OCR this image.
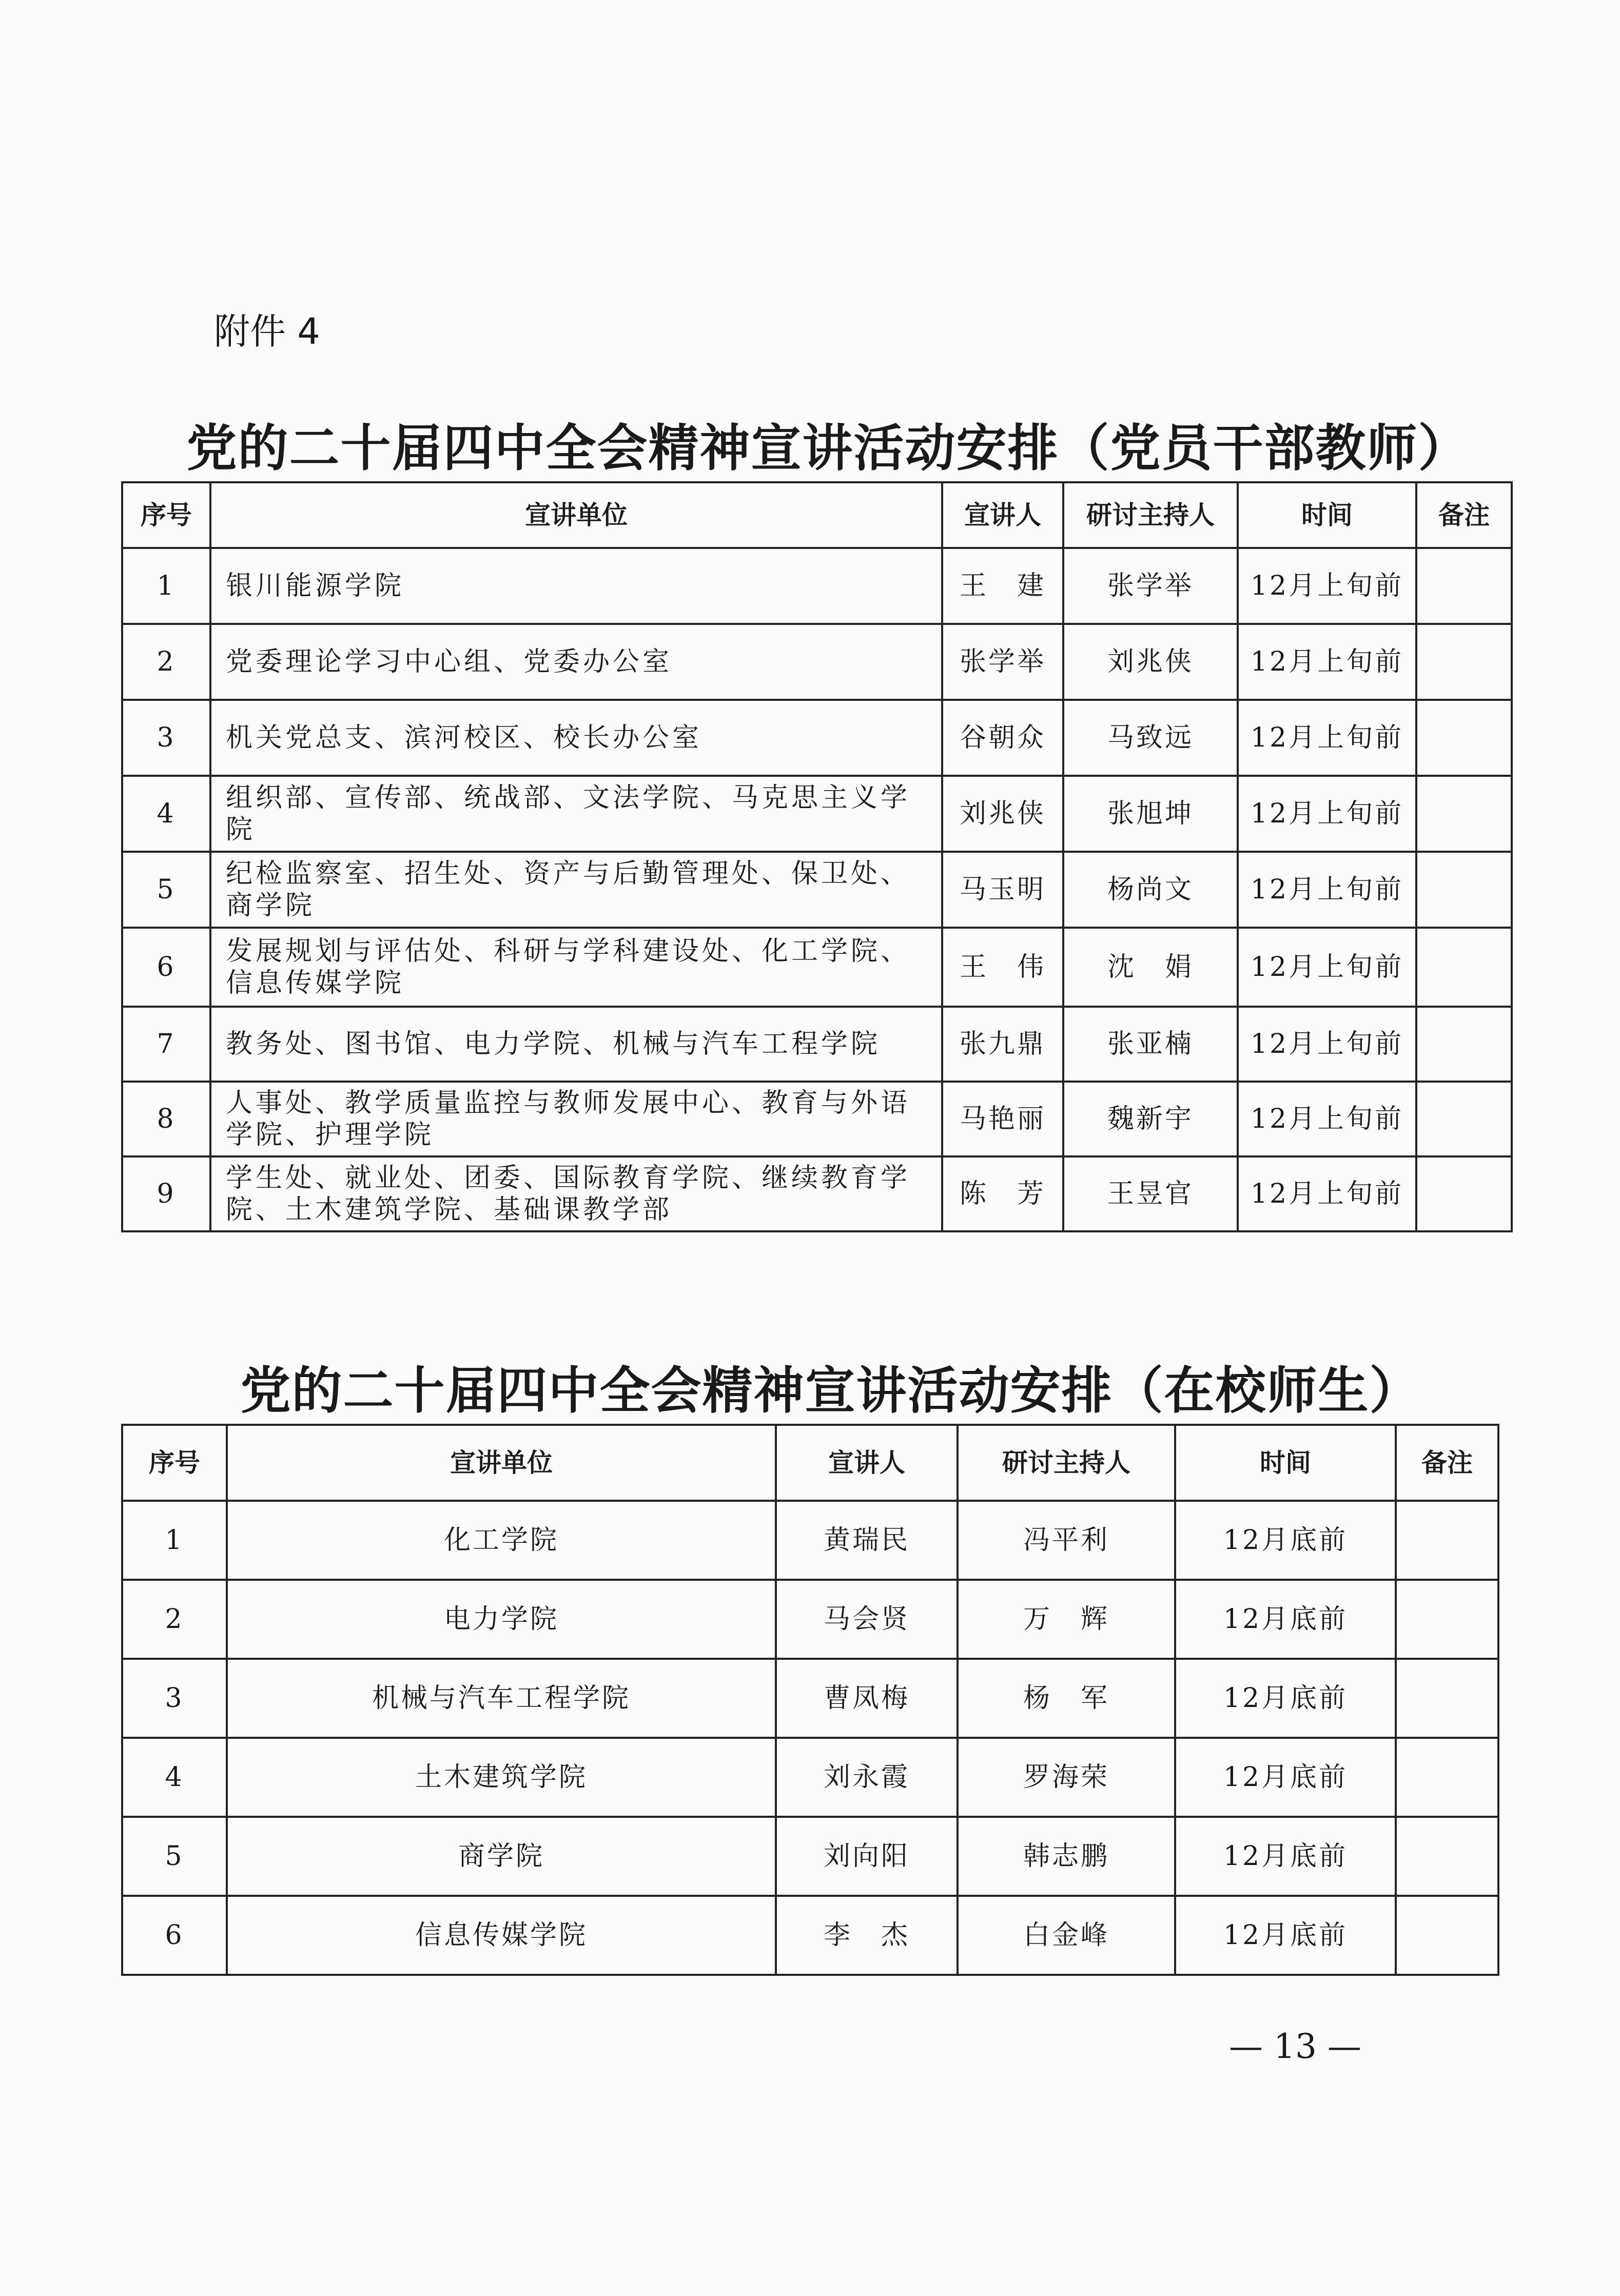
附件 4
党的二十届四中全会精神宣讲活动安排（党员干部教师）
序号	宣讲单位	宣讲人	研讨主持人	时间	备注
1	银川能源学院	王　建	张学举	12月上旬前	
2	党委理论学习中心组、党委办公室	张学举	刘兆侠	12月上旬前	
3	机关党总支、滨河校区、校长办公室	谷朝众	马致远	12月上旬前	
4	组织部、宣传部、统战部、文法学院、马克思主义学院	刘兆侠	张旭坤	12月上旬前	
5	纪检监察室、招生处、资产与后勤管理处、保卫处、商学院	马玉明	杨尚文	12月上旬前	
6	发展规划与评估处、科研与学科建设处、化工学院、信息传媒学院	王　伟	沈　娟	12月上旬前	
7	教务处、图书馆、电力学院、机械与汽车工程学院	张九鼎	张亚楠	12月上旬前	
8	人事处、教学质量监控与教师发展中心、教育与外语学院、护理学院	马艳丽	魏新宇	12月上旬前	
9	学生处、就业处、团委、国际教育学院、继续教育学院、土木建筑学院、基础课教学部	陈　芳	王昱官	12月上旬前	
党的二十届四中全会精神宣讲活动安排（在校师生）
序号	宣讲单位	宣讲人	研讨主持人	时间	备注
1	化工学院	黄瑞民	冯平利	12月底前	
2	电力学院	马会贤	万　辉	12月底前	
3	机械与汽车工程学院	曹凤梅	杨　军	12月底前	
4	土木建筑学院	刘永霞	罗海荣	12月底前	
5	商学院	刘向阳	韩志鹏	12月底前	
6	信息传媒学院	李　杰	白金峰	12月底前	
— 13 —
